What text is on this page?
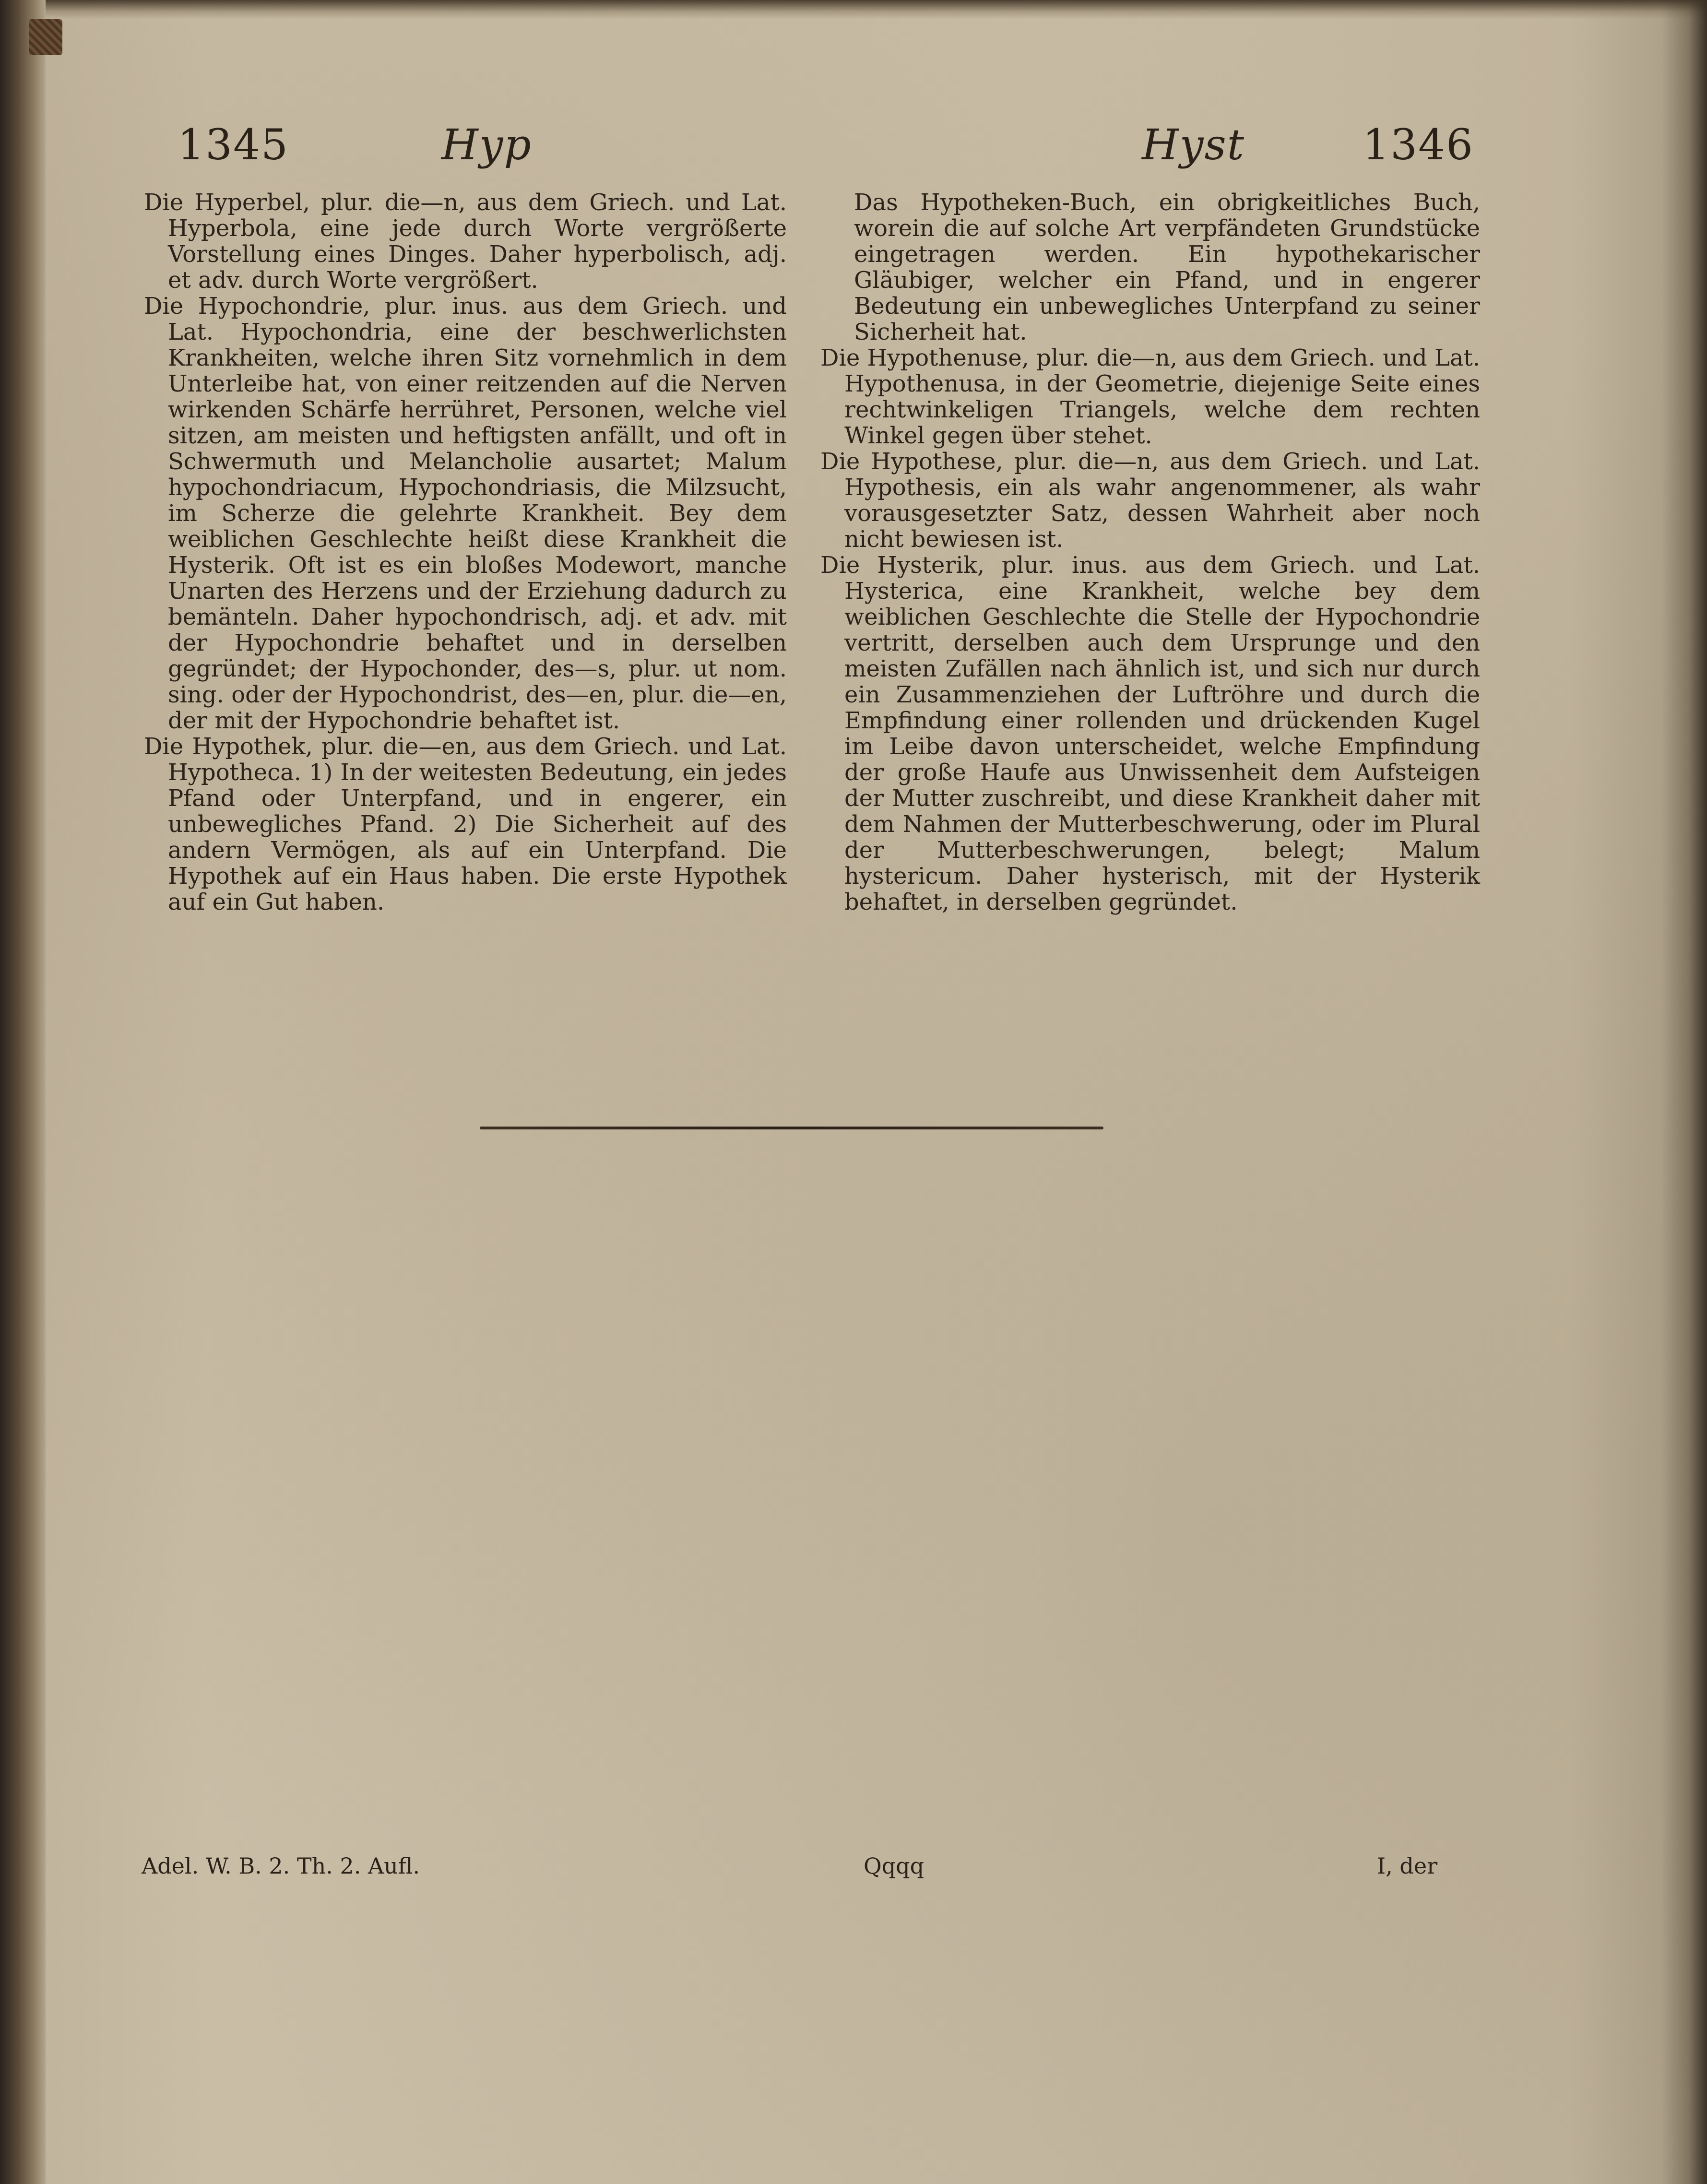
1345	Hyp	Hyst	1346

Die Hyperbel, plur. die—n, aus dem Griech. und Lat. Hyperbola, eine jede durch Worte vergrößerte Vorstellung eines Dinges. Daher hyperbolisch, adj. et adv. durch Worte vergrößert.

Die Hypochondrie, plur. inus. aus dem Griech. und Lat. Hypochondria, eine der beschwerlichsten Krankheiten, welche ihren Sitz vornehmlich in dem Unterleibe hat, von einer reitzenden auf die Nerven wirkenden Schärfe herrühret, Personen, welche viel sitzen, am meisten und heftigsten anfällt, und oft in Schwermuth und Melancholie ausartet; Malum hypochondriacum, Hypochondriasis, die Milzsucht, im Scherze die gelehrte Krankheit. Bey dem weiblichen Geschlechte heißt diese Krankheit die Hysterik. Oft ist es ein bloßes Modewort, manche Unarten des Herzens und der Erziehung dadurch zu bemänteln. Daher hypochondrisch, adj. et adv. mit der Hypochondrie behaftet und in derselben gegründet; der Hypochonder, des—s, plur. ut nom. sing. oder der Hypochondrist, des—en, plur. die—en, der mit der Hypochondrie behaftet ist.

Die Hypothek, plur. die—en, aus dem Griech. und Lat. Hypotheca. 1) In der weitesten Bedeutung, ein jedes Pfand oder Unterpfand, und in engerer, ein unbewegliches Pfand. 2) Die Sicherheit auf des andern Vermögen, als auf ein Unterpfand. Die Hypothek auf ein Haus haben. Die erste Hypothek auf ein Gut haben.

Das Hypotheken-Buch, ein obrigkeitliches Buch, worein die auf solche Art verpfändeten Grundstücke eingetragen werden. Ein hypothekarischer Gläubiger, welcher ein Pfand, und in engerer Bedeutung ein unbewegliches Unterpfand zu seiner Sicherheit hat.

Die Hypothenuse, plur. die—n, aus dem Griech. und Lat. Hypothenusa, in der Geometrie, diejenige Seite eines rechtwinkeligen Triangels, welche dem rechten Winkel gegen über stehet.

Die Hypothese, plur. die—n, aus dem Griech. und Lat. Hypothesis, ein als wahr angenommener, als wahr vorausgesetzter Satz, dessen Wahrheit aber noch nicht bewiesen ist.

Die Hysterik, plur. inus. aus dem Griech. und Lat. Hysterica, eine Krankheit, welche bey dem weiblichen Geschlechte die Stelle der Hypochondrie vertritt, derselben auch dem Ursprunge und den meisten Zufällen nach ähnlich ist, und sich nur durch ein Zusammenziehen der Luftröhre und durch die Empfindung einer rollenden und drückenden Kugel im Leibe davon unterscheidet, welche Empfindung der große Haufe aus Unwissenheit dem Aufsteigen der Mutter zuschreibt, und diese Krankheit daher mit dem Nahmen der Mutterbeschwerung, oder im Plural der Mutterbeschwerungen, belegt; Malum hystericum. Daher hysterisch, mit der Hysterik behaftet, in derselben gegründet.

Adel. W. B. 2. Th. 2. Aufl.	Qqqq	I, der
